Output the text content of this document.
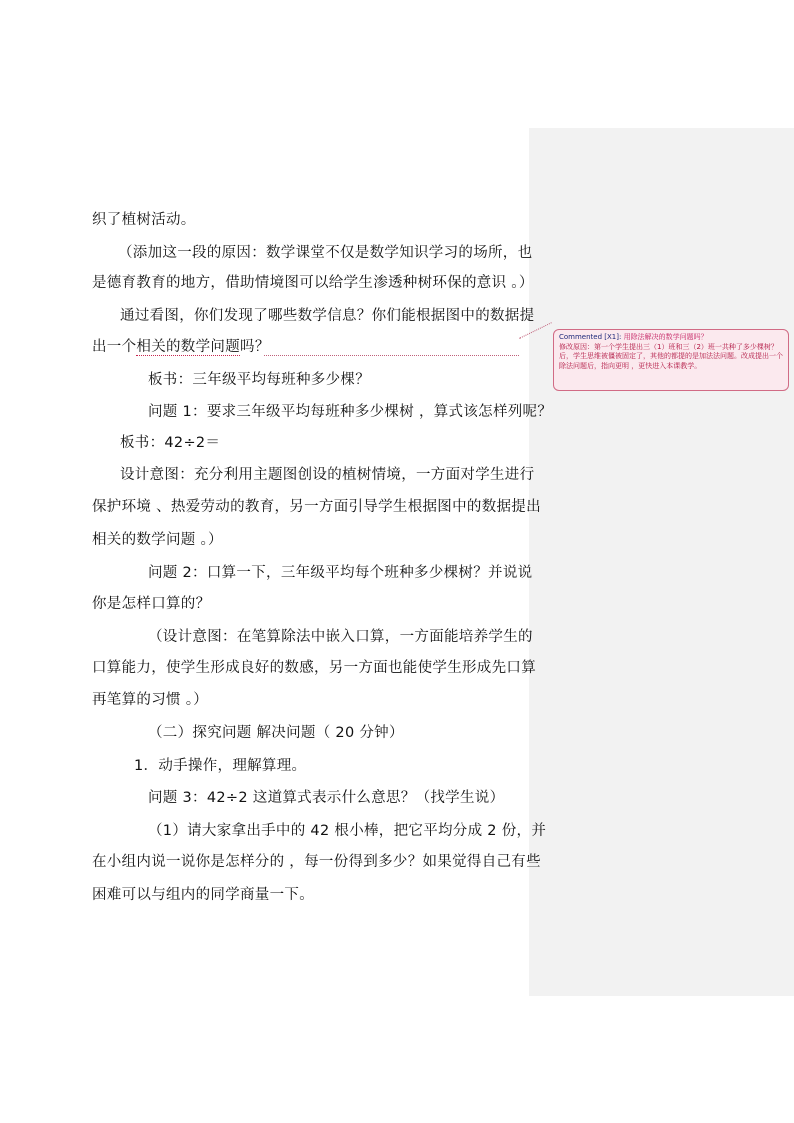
织了植树活动。
（添加这一段的原因：数学课堂不仅是数学知识学习的场所，也
是德育教育的地方，借助情境图可以给学生渗透种树环保的意识 。）
通过看图，你们发现了哪些数学信息？你们能根据图中的数据提
出一个相关的数学问题吗？
板书：三年级平均每班种多少棵？
问题 1：要求三年级平均每班种多少棵树 ，算式该怎样列呢？
板书：42÷2＝
设计意图：充分利用主题图创设的植树情境，一方面对学生进行
保护环境 、热爱劳动的教育，另一方面引导学生根据图中的数据提出
相关的数学问题 。）
问题 2：口算一下，三年级平均每个班种多少棵树？并说说
你是怎样口算的？
（设计意图：在笔算除法中嵌入口算，一方面能培养学生的
口算能力，使学生形成良好的数感，另一方面也能使学生形成先口算
再笔算的习惯 。）
（二）探究问题 解决问题（ 20 分钟）
1．动手操作，理解算理。
问题 3：42÷2 这道算式表示什么意思？（找学生说）
（1）请大家拿出手中的 42 根小棒，把它平均分成 2 份，并
在小组内说一说你是怎样分的 ，每一份得到多少？如果觉得自己有些
困难可以与组内的同学商量一下。
Commented [X1]: 用除法解决的数学问题吗？
修改原因：第一个学生提出三（1）班和三（2）班一共种了多少棵树？后，学生思维被僵被固定了，其他的都提的是加法法问题。改成提出一个除法问题后，指向更明 ，更快进入本课教学。
